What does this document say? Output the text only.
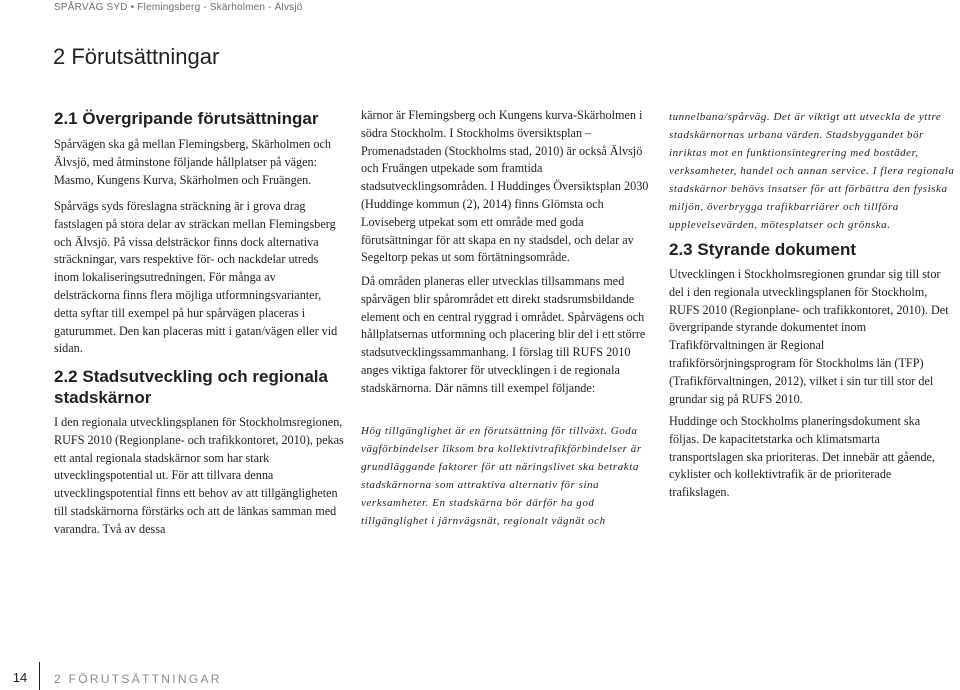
SPÅRVÄG SYD • Flemingsberg - Skärholmen - Älvsjö
2 Förutsättningar
2.1 Övergripande förutsättningar

Spårvägen ska gå mellan Flemingsberg, Skärholmen och Älvsjö, med åtminstone följande hållplatser på vägen: Masmo, Kungens Kurva, Skärholmen och Fruängen.

Spårvägs syds föreslagna sträckning är i grova drag fastslagen på stora delar av sträckan mellan Flemingsberg och Älvsjö. På vissa delsträckor finns dock alternativa sträckningar, vars respektive för- och nackdelar utreds inom lokaliseringsutredningen. För många av delsträckorna finns flera möjliga utformningsvarianter, detta syftar till exempel på hur spårvägen placeras i gaturummet. Den kan placeras mitt i gatan/vägen eller vid sidan.

2.2 Stadsutveckling och regionala stadskärnor

I den regionala utvecklingsplanen för Stockholmsregionen, RUFS 2010 (Regionplane- och trafikkontoret, 2010), pekas ett antal regionala stadskärnor som har stark utvecklingspotential ut. För att tillvara denna utvecklingspotential finns ett behov av att tillgängligheten till stadskärnorna förstärks och att de länkas samman med varandra. Två av dessa

kärnor är Flemingsberg och Kungens kurva-Skärholmen i södra Stockholm. I Stockholms översiktsplan – Promenadstaden (Stockholms stad, 2010) är också Älvsjö och Fruängen utpekade som framtida stadsutvecklingsområden. I Huddinges Översiktsplan 2030 (Huddinge kommun (2), 2014) finns Glömsta och Loviseberg utpekat som ett område med goda förutsättningar för att skapa en ny stadsdel, och delar av Segeltorp pekas ut som förtätningsområde.

Då områden planeras eller utvecklas tillsammans med spårvägen blir spårområdet ett direkt stadsrumsbildande element och en central ryggrad i området. Spårvägens och hållplatsernas utformning och placering blir del i ett större stadsutvecklingssammanhang. I förslag till RUFS 2010 anges viktiga faktorer för utvecklingen i de regionala stadskärnorna. Där nämns till exempel följande:

Hög tillgänglighet är en förutsättning för tillväxt. Goda vägförbindelser liksom bra kollektivtrafikförbindelser är grundläggande faktorer för att näringslivet ska betrakta stadskärnorna som attraktiva alternativ för sina verksamheter. En stadskärna bör därför ha god tillgänglighet i järnvägsnät, regionalt vägnät och

tunnelbana/spårväg. Det är viktigt att utveckla de yttre stadskärnornas urbana värden. Stadsbyggandet bör inriktas mot en funktionsintegrering med bostäder, verksamheter, handel och annan service. I flera regionala stadskärnor behövs insatser för att förbättra den fysiska miljön, överbrygga trafikbarriärer och tillföra upplevelsevärden, mötesplatser och grönska.

2.3 Styrande dokument

Utvecklingen i Stockholmsregionen grundar sig till stor del i den regionala utvecklingsplanen för Stockholm, RUFS 2010 (Regionplane- och trafikkontoret, 2010). Det övergripande styrande dokumentet inom Trafikförvaltningen är Regional trafikförsörjningsprogram för Stockholms län (TFP) (Trafikförvaltningen, 2012), vilket i sin tur till stor del grundar sig på RUFS 2010.

Huddinge och Stockholms planeringsdokument ska följas. De kapacitetstarka och klimatsmarta transportslagen ska prioriteras. Det innebär att gående, cyklister och kollektivtrafik är de prioriterade trafikslagen.

14	2 FÖRUTSÄTTNINGAR
